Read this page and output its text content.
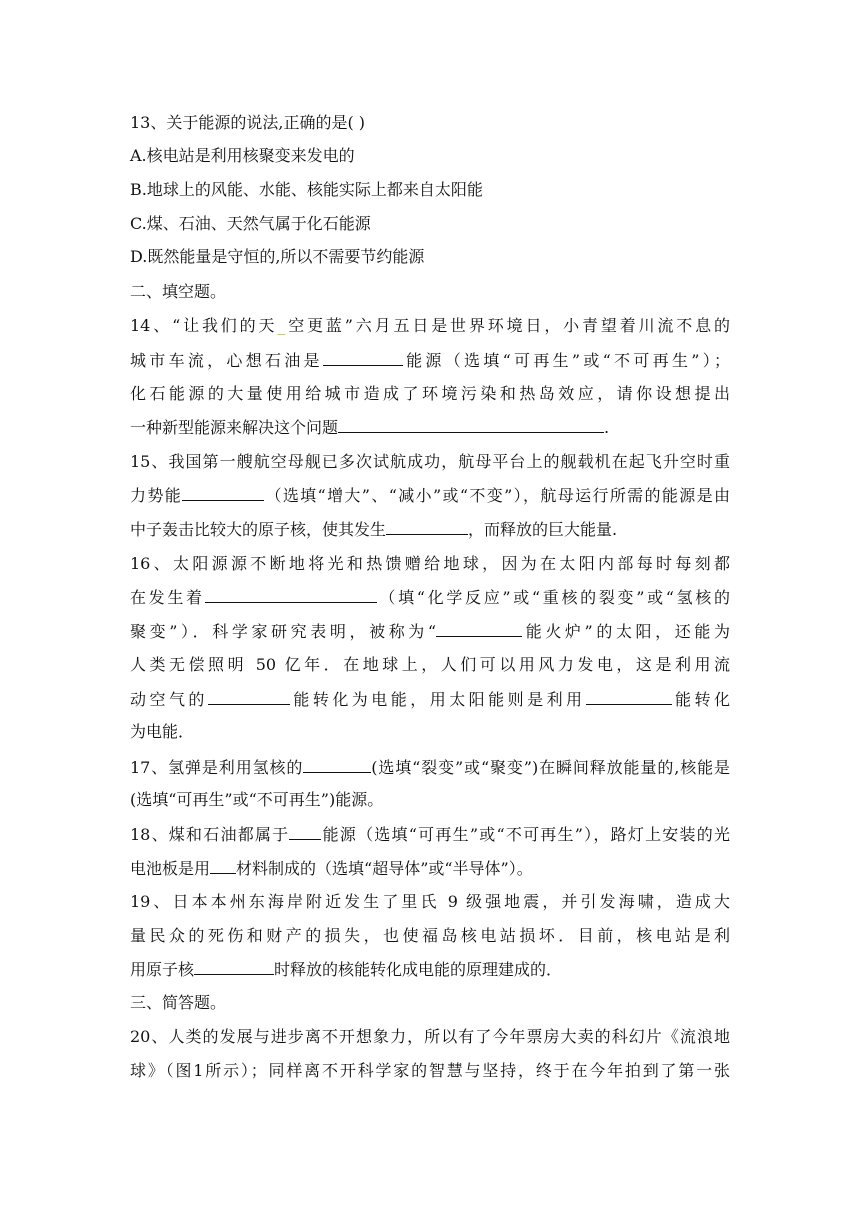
13、关于能源的说法,正确的是( )
A.核电站是利用核聚变来发电的
B.地球上的风能、水能、核能实际上都来自太阳能
C.煤、石油、天然气属于化石能源
D.既然能量是守恒的,所以不需要节约能源
二、填空题。
14、“让我们的天_空更蓝”六月五日是世界环境日，小青望着川流不息的
城市车流，心想石油是	能源（选填“可再生”或“不可再生”）；
化石能源的大量使用给城市造成了环境污染和热岛效应，请你设想提出
一种新型能源来解决这个问题	.
15、我国第一艘航空母舰已多次试航成功，航母平台上的舰载机在起飞升空时重
力势能	（选填“增大”、“减小”或“不变”），航母运行所需的能源是由
中子轰击比较大的原子核，使其发生	，而释放的巨大能量.
16、太阳源源不断地将光和热馈赠给地球，因为在太阳内部每时每刻都
在发生着	（填“化学反应”或“重核的裂变”或“氢核的
聚变”）．科学家研究表明，被称为“	能火炉”的太阳，还能为
人类无偿照明 50 亿年．在地球上，人们可以用风力发电，这是利用流
动空气的	能转化为电能，用太阳能则是利用	能转化
为电能．
17、氢弹是利用氢核的	(选填“裂变”或“聚变”)在瞬间释放能量的,核能是
(选填“可再生”或“不可再生”)能源。
18、煤和石油都属于 能源（选填“可再生”或“不可再生”），路灯上安装的光
电池板是用 材料制成的（选填“超导体”或“半导体”）。
19、日本本州东海岸附近发生了里氏 9 级强地震，并引发海啸，造成大
量民众的死伤和财产的损失，也使福岛核电站损坏．目前，核电站是利
用原子核	时释放的核能转化成电能的原理建成的．
三、简答题。
20、人类的发展与进步离不开想象力，所以有了今年票房大卖的科幻片《流浪地
球》（图1所示）；同样离不开科学家的智慧与坚持，终于在今年拍到了第一张
